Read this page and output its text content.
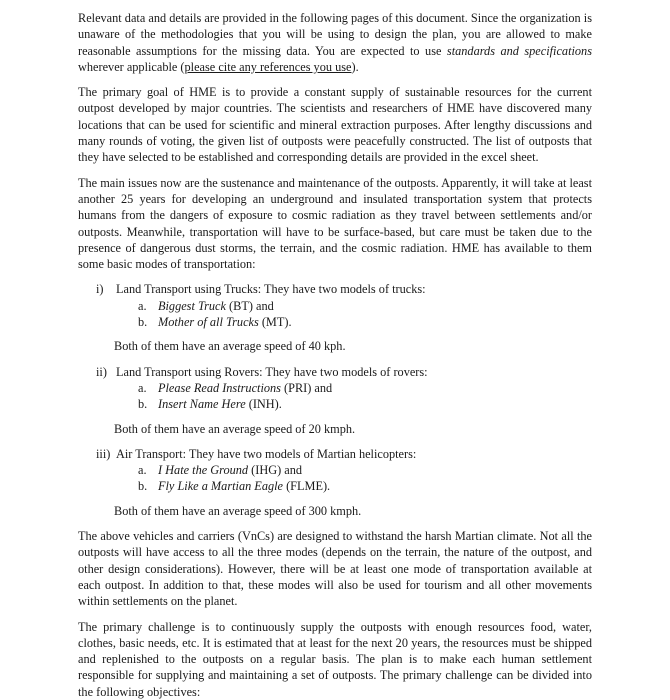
Relevant data and details are provided in the following pages of this document. Since the organization is unaware of the methodologies that you will be using to design the plan, you are allowed to make reasonable assumptions for the missing data. You are expected to use standards and specifications wherever applicable (please cite any references you use).

The primary goal of HME is to provide a constant supply of sustainable resources for the current outpost developed by major countries. The scientists and researchers of HME have discovered many locations that can be used for scientific and mineral extraction purposes. After lengthy discussions and many rounds of voting, the given list of outposts were peacefully constructed. The list of outposts that they have selected to be established and corresponding details are provided in the excel sheet.

The main issues now are the sustenance and maintenance of the outposts. Apparently, it will take at least another 25 years for developing an underground and insulated transportation system that protects humans from the dangers of exposure to cosmic radiation as they travel between settlements and/or outposts. Meanwhile, transportation will have to be surface-based, but care must be taken due to the presence of dangerous dust storms, the terrain, and the cosmic radiation. HME has available to them some basic modes of transportation:

i) Land Transport using Trucks: They have two models of trucks:
a. Biggest Truck (BT) and
b. Mother of all Trucks (MT).

Both of them have an average speed of 40 kph.

ii) Land Transport using Rovers: They have two models of rovers:
a. Please Read Instructions (PRI) and
b. Insert Name Here (INH).

Both of them have an average speed of 20 kmph.

iii) Air Transport: They have two models of Martian helicopters:
a. I Hate the Ground (IHG) and
b. Fly Like a Martian Eagle (FLME).

Both of them have an average speed of 300 kmph.

The above vehicles and carriers (VnCs) are designed to withstand the harsh Martian climate. Not all the outposts will have access to all the three modes (depends on the terrain, the nature of the outpost, and other design considerations). However, there will be at least one mode of transportation available at each outpost. In addition to that, these modes will also be used for tourism and all other movements within settlements on the planet.

The primary challenge is to continuously supply the outposts with enough resources food, water, clothes, basic needs, etc. It is estimated that at least for the next 20 years, the resources must be shipped and replenished to the outposts on a regular basis. The plan is to make each human settlement responsible for supplying and maintaining a set of outposts. The primary challenge can be divided into the following objectives:
